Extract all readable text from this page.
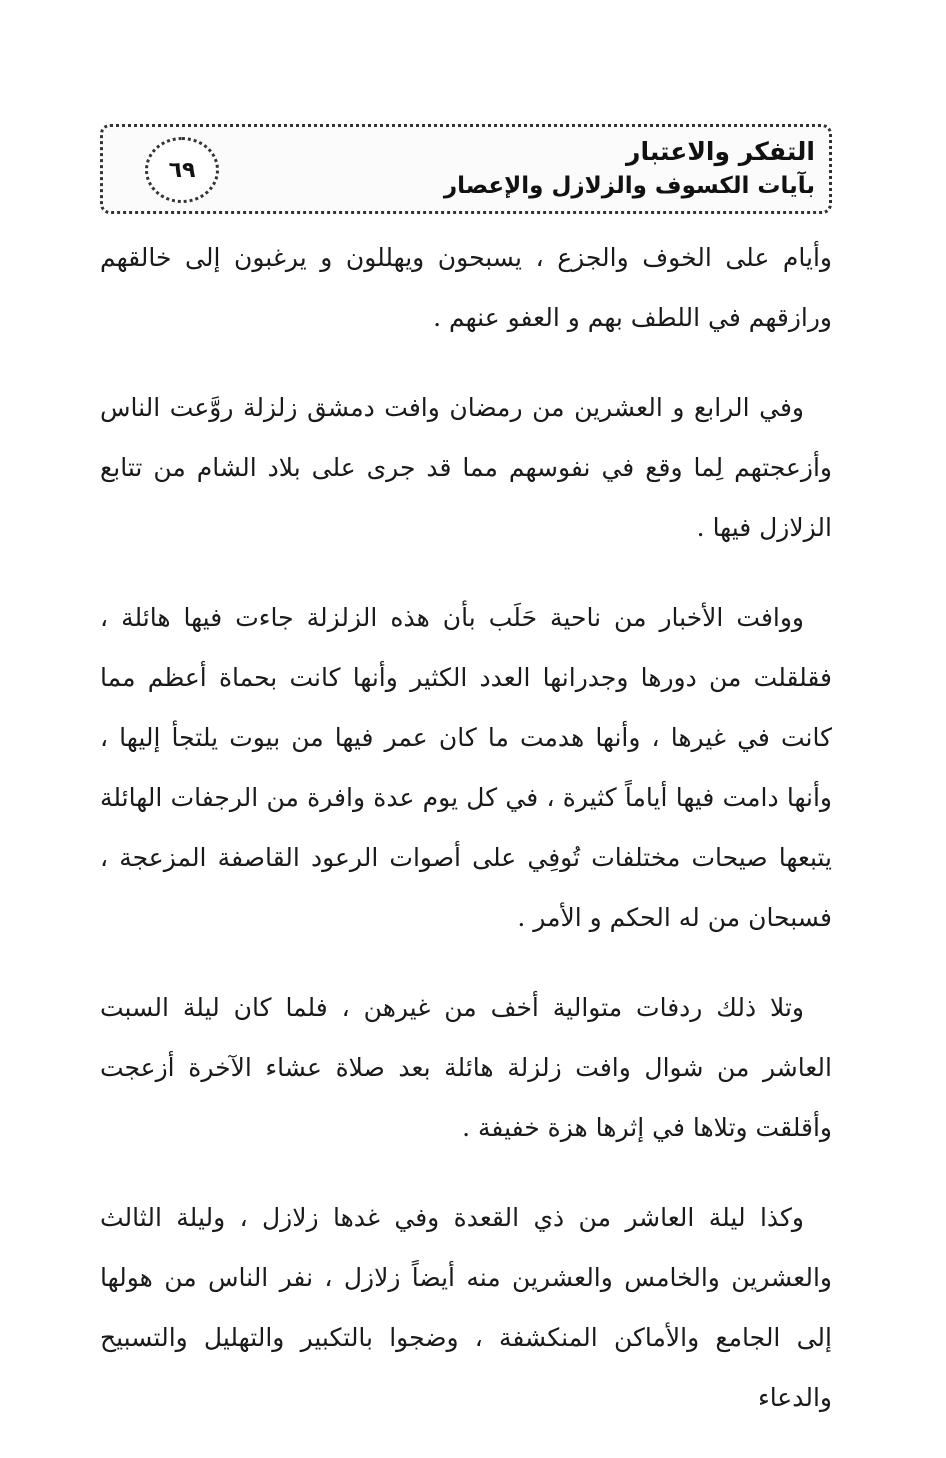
التفكر والاعتبار
بآيات الكسوف والزلازل والإعصار
٦٩

وأيام على الخوف والجزع ، يسبحون ويهللون و يرغبون إلى خالقهم ورازقهم في اللطف بهم و العفو عنهم .

وفي الرابع و العشرين من رمضان وافت دمشق زلزلة روَّعت الناس وأزعجتهم لِما وقع في نفوسهم مما قد جرى على بلاد الشام من تتابع الزلازل فيها .

ووافت الأخبار من ناحية حَلَب بأن هذه الزلزلة جاءت فيها هائلة ، فقلقلت من دورها وجدرانها العدد الكثير وأنها كانت بحماة أعظم مما كانت في غيرها ، وأنها هدمت ما كان عمر فيها من بيوت يلتجأ إليها ، وأنها دامت فيها أياماً كثيرة ، في كل يوم عدة وافرة من الرجفات الهائلة يتبعها صيحات مختلفات تُوفِي على أصوات الرعود القاصفة المزعجة ، فسبحان من له الحكم و الأمر .

وتلا ذلك ردفات متوالية أخف من غيرهن ، فلما كان ليلة السبت العاشر من شوال وافت زلزلة هائلة بعد صلاة عشاء الآخرة أزعجت وأقلقت وتلاها في إثرها هزة خفيفة .

وكذا ليلة العاشر من ذي القعدة وفي غدها زلازل ، وليلة الثالث والعشرين والخامس والعشرين منه أيضاً زلازل ، نفر الناس من هولها إلى الجامع والأماكن المنكشفة ، وضجوا بالتكبير والتهليل والتسبيح والدعاء
